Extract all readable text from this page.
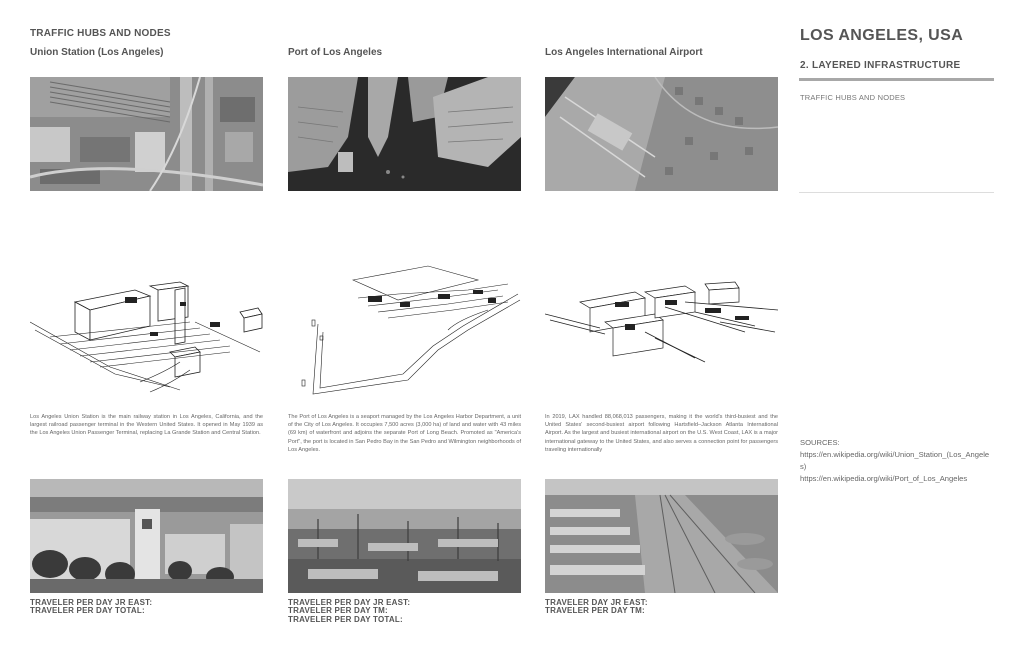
TRAFFIC HUBS AND NODES
Union Station (Los Angeles)
Los Angeles Union Station is the main railway station in Los Angeles, California, and the largest railroad passenger terminal in the Western United States. It opened in May 1939 as the Los Angeles Union Passenger Terminal, replacing La Grande Station and Central Station.
TRAVELER PER DAY JR EAST:
TRAVELER PER DAY TOTAL:
Port of Los Angeles
The Port of Los Angeles is a seaport managed by the Los Angeles Harbor Department, a unit of the City of Los Angeles. It occupies 7,500 acres (3,000 ha) of land and water with 43 miles (69 km) of waterfront and adjoins the separate Port of Long Beach. Promoted as "America's Port", the port is located in San Pedro Bay in the San Pedro and Wilmington neighborhoods of Los Angeles.
TRAVELER PER DAY JR EAST:
TRAVELER PER DAY TM:
TRAVELER PER DAY TOTAL:
Los Angeles International Airport
In 2019, LAX handled 88,068,013 passengers, making it the world's third-busiest and the United States' second-busiest airport following Hartsfield–Jackson Atlanta International Airport. As the largest and busiest international airport on the U.S. West Coast, LAX is a major international gateway to the United States, and also serves a connection point for passengers traveling internationally
TRAVELER DAY JR EAST:
TRAVELER PER DAY TM:
LOS ANGELES, USA
2. LAYERED INFRASTRUCTURE
TRAFFIC HUBS AND NODES
SOURCES:
https://en.wikipedia.org/wiki/Union_Station_(Los_Angeles)
https://en.wikipedia.org/wiki/Port_of_Los_Angeles
